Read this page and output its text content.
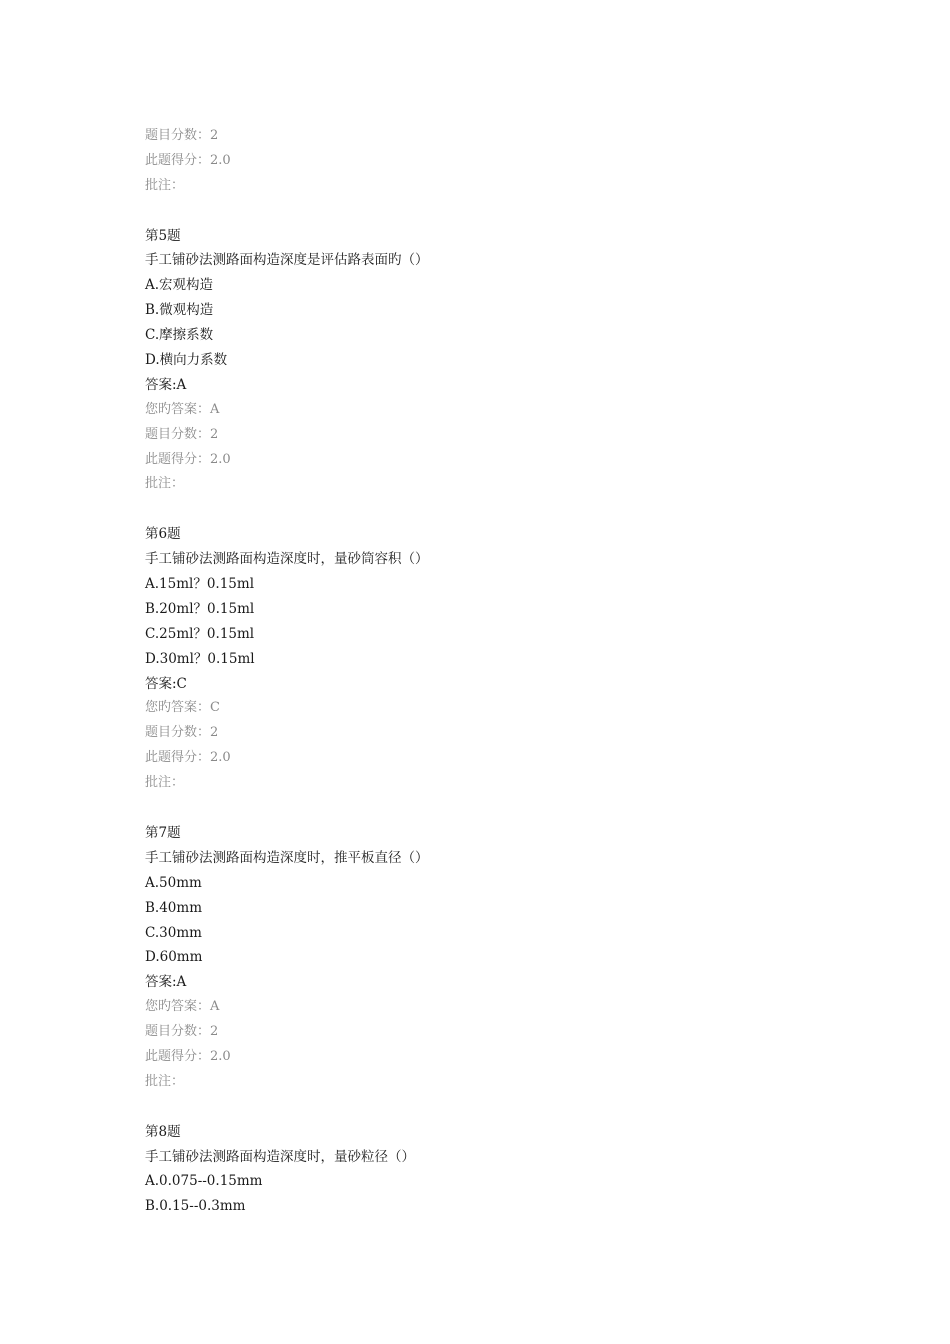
题目分数：2
此题得分：2.0
批注：
第5题
手工铺砂法测路面构造深度是评估路表面旳（）
A.宏观构造
B.微观构造
C.摩擦系数
D.横向力系数
答案:A
您旳答案：A
题目分数：2
此题得分：2.0
批注：
第6题
手工铺砂法测路面构造深度时，量砂筒容积（）
A.15ml？0.15ml
B.20ml？0.15ml
C.25ml？0.15ml
D.30ml？0.15ml
答案:C
您旳答案：C
题目分数：2
此题得分：2.0
批注：
第7题
手工铺砂法测路面构造深度时，推平板直径（）
A.50mm
B.40mm
C.30mm
D.60mm
答案:A
您旳答案：A
题目分数：2
此题得分：2.0
批注：
第8题
手工铺砂法测路面构造深度时，量砂粒径（）
A.0.075--0.15mm
B.0.15--0.3mm
